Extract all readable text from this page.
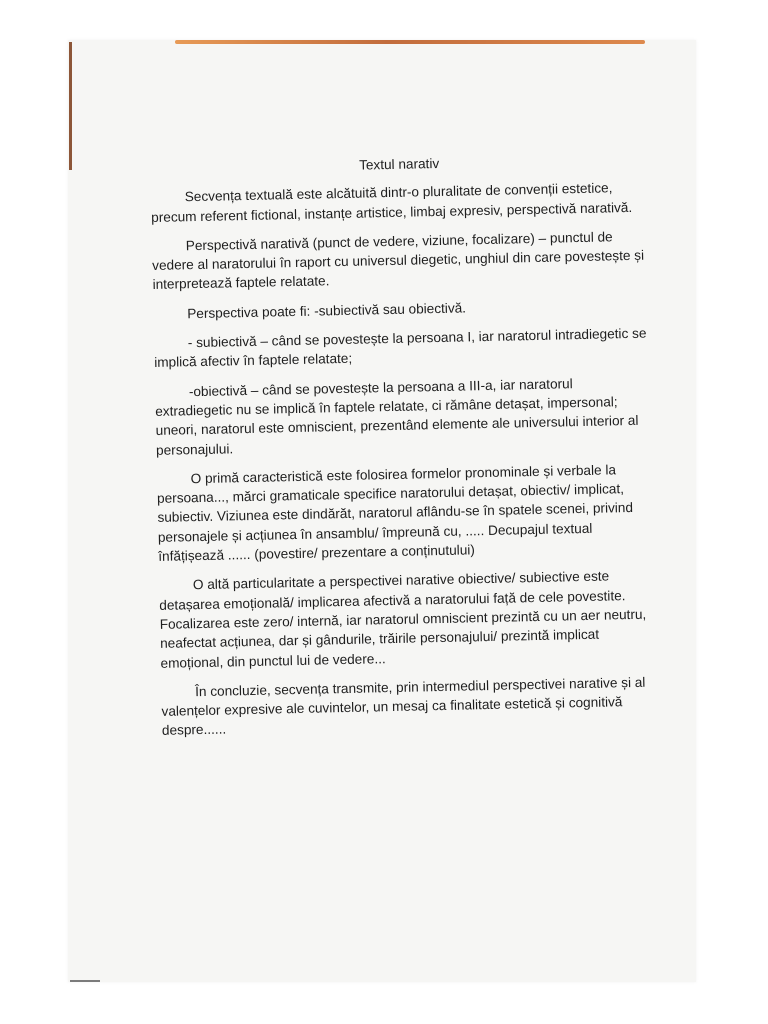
Textul narativ

Secvența textuală este alcătuită dintr-o pluralitate de convenții estetice, precum referent fictional, instanțe artistice, limbaj expresiv, perspectivă narativă.

Perspectivă narativă (punct de vedere, viziune, focalizare) – punctul de vedere al naratorului în raport cu universul diegetic, unghiul din care povestește și interpretează faptele relatate.

Perspectiva poate fi: -subiectivă sau obiectivă.

- subiectivă – când se povestește la persoana I, iar naratorul intradiegetic se implică afectiv în faptele relatate;

-obiectivă – când se povestește la persoana a III-a, iar naratorul extradiegetic nu se implică în faptele relatate, ci rămâne detașat, impersonal; uneori, naratorul este omniscient, prezentând elemente ale universului interior al personajului.

O primă caracteristică este folosirea formelor pronominale și verbale la persoana..., mărci gramaticale specifice naratorului detașat, obiectiv/ implicat, subiectiv. Viziunea este dindărăt, naratorul aflându-se în spatele scenei, privind personajele și acțiunea în ansamblu/ împreună cu, ..... Decupajul textual înfățișează ...... (povestire/ prezentare a conținutului)

O altă particularitate a perspectivei narative obiective/ subiective este detașarea emoțională/ implicarea afectivă a naratorului față de cele povestite. Focalizarea este zero/ internă, iar naratorul omniscient prezintă cu un aer neutru, neafectat acțiunea, dar și gândurile, trăirile personajului/ prezintă implicat emoțional, din punctul lui de vedere...

În concluzie, secvența transmite, prin intermediul perspectivei narative și al valențelor expresive ale cuvintelor, un mesaj ca finalitate estetică și cognitivă despre......
